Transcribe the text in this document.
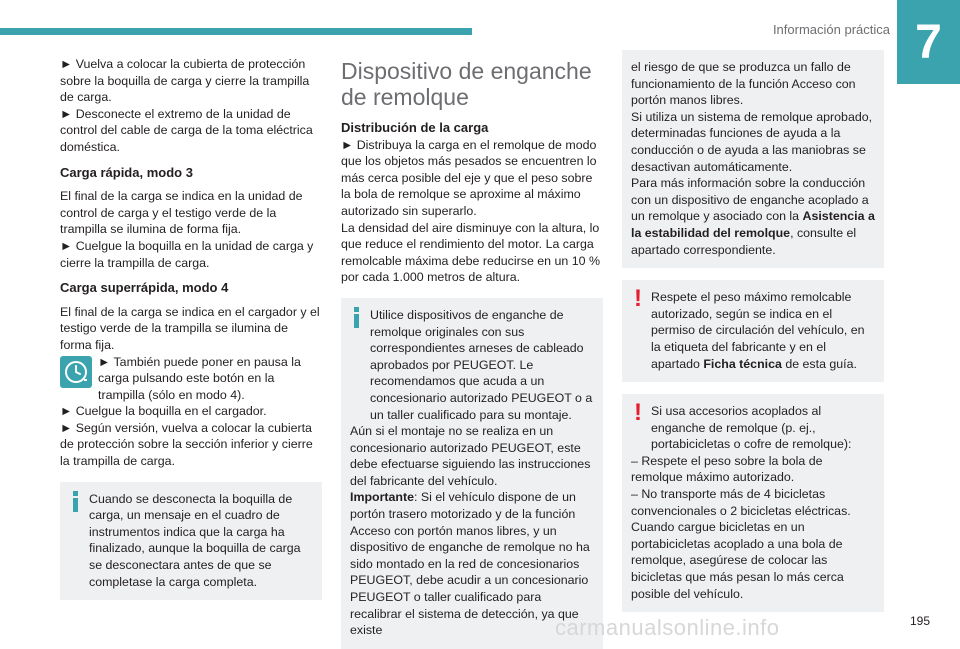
Información práctica 7

► Vuelva a colocar la cubierta de protección sobre la boquilla de carga y cierre la trampilla de carga.

► Desconecte el extremo de la unidad de control del cable de carga de la toma eléctrica doméstica.

Carga rápida, modo 3

El final de la carga se indica en la unidad de control de carga y el testigo verde de la trampilla se ilumina de forma fija.

► Cuelgue la boquilla en la unidad de carga y cierre la trampilla de carga.

Carga superrápida, modo 4

El final de la carga se indica en el cargador y el testigo verde de la trampilla se ilumina de forma fija.

► También puede poner en pausa la carga pulsando este botón en la trampilla (sólo en modo 4).

► Cuelgue la boquilla en el cargador.

► Según versión, vuelva a colocar la cubierta de protección sobre la sección inferior y cierre la trampilla de carga.

Cuando se desconecta la boquilla de carga, un mensaje en el cuadro de instrumentos indica que la carga ha finalizado, aunque la boquilla de carga se desconectara antes de que se completase la carga completa.

Dispositivo de enganche de remolque
Distribución de la carga

► Distribuya la carga en el remolque de modo que los objetos más pesados se encuentren lo más cerca posible del eje y que el peso sobre la bola de remolque se aproxime al máximo autorizado sin superarlo.

La densidad del aire disminuye con la altura, lo que reduce el rendimiento del motor. La carga remolcable máxima debe reducirse en un 10 % por cada 1.000 metros de altura.

Utilice dispositivos de enganche de remolque originales con sus correspondientes arneses de cableado aprobados por PEUGEOT. Le recomendamos que acuda a un concesionario autorizado PEUGEOT o a un taller cualificado para su montaje.

Aún si el montaje no se realiza en un concesionario autorizado PEUGEOT, este debe efectuarse siguiendo las instrucciones del fabricante del vehículo.

Importante: Si el vehículo dispone de un portón trasero motorizado y de la función Acceso con portón manos libres, y un dispositivo de enganche de remolque no ha sido montado en la red de concesionarios PEUGEOT, debe acudir a un concesionario PEUGEOT o taller cualificado para recalibrar el sistema de detección, ya que existe

el riesgo de que se produzca un fallo de funcionamiento de la función Acceso con portón manos libres.

Si utiliza un sistema de remolque aprobado, determinadas funciones de ayuda a la conducción o de ayuda a las maniobras se desactivan automáticamente.

Para más información sobre la conducción con un dispositivo de enganche acoplado a un remolque y asociado con la Asistencia a la estabilidad del remolque, consulte el apartado correspondiente.

! Respete el peso máximo remolcable autorizado, según se indica en el permiso de circulación del vehículo, en la etiqueta del fabricante y en el apartado Ficha técnica de esta guía.

! Si usa accesorios acoplados al enganche de remolque (p. ej., portabicicletas o cofre de remolque):

– Respete el peso sobre la bola de remolque máximo autorizado.

– No transporte más de 4 bicicletas convencionales o 2 bicicletas eléctricas.

Cuando cargue bicicletas en un portabicicletas acoplado a una bola de remolque, asegúrese de colocar las bicicletas que más pesan lo más cerca posible del vehículo.

carmanualsonline.info	195
